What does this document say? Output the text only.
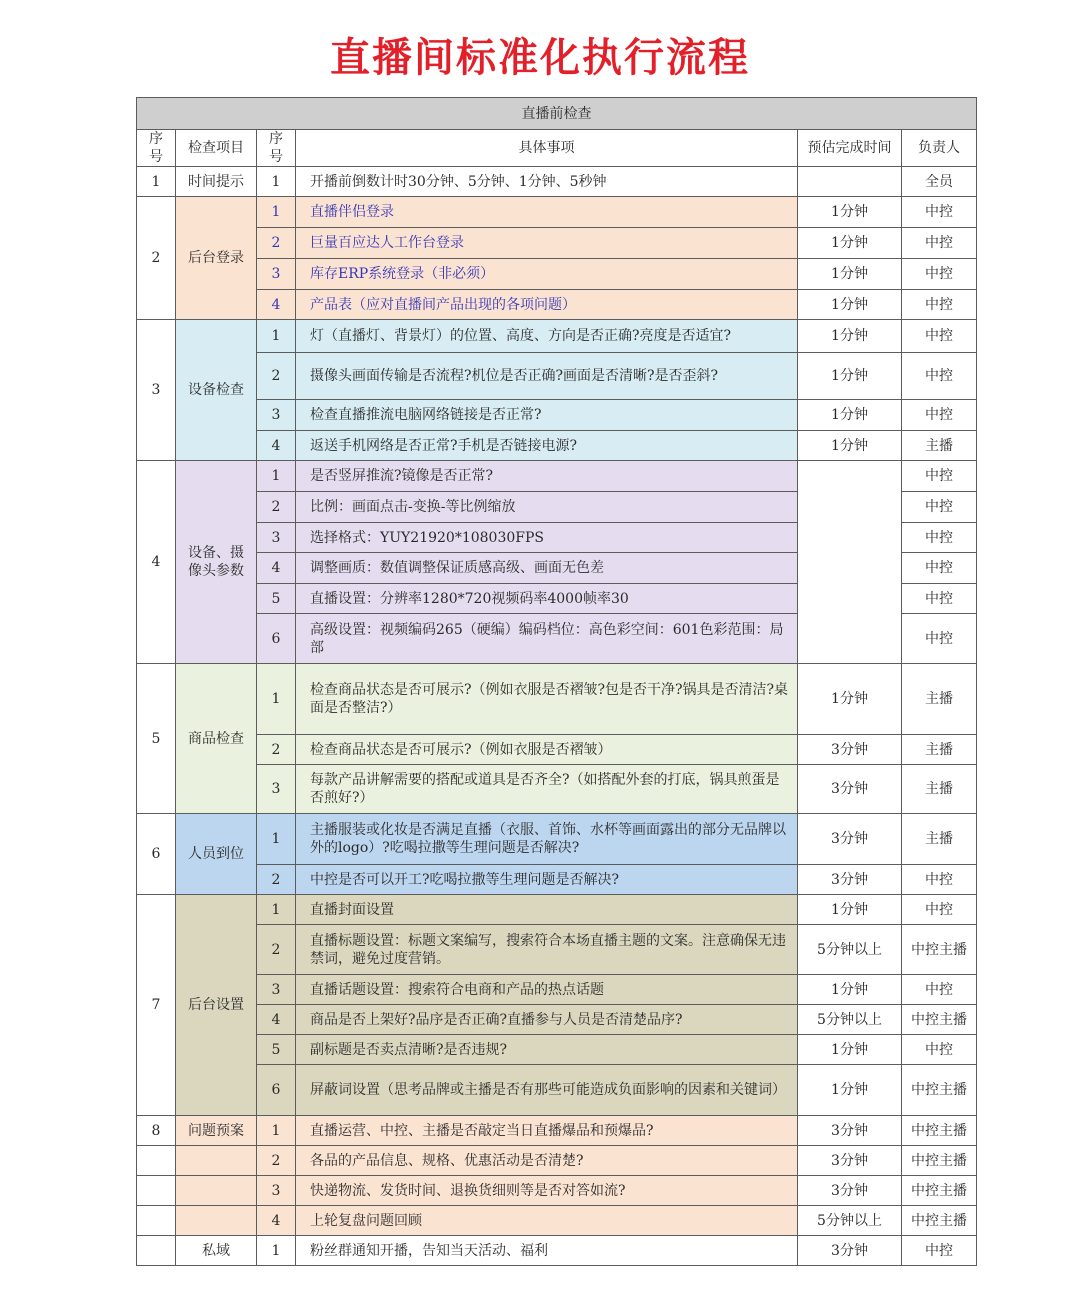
直播间标准化执行流程
直播前检查					
序号	检查项目	序号	具体事项	预估完成时间	负责人
1	时间提示	1	开播前倒数计时30分钟、5分钟、1分钟、5秒钟		全员
2	后台登录	1	直播伴侣登录	1分钟	中控
		2	巨量百应达人工作台登录	1分钟	中控
		3	库存ERP系统登录（非必须）	1分钟	中控
		4	产品表（应对直播间产品出现的各项问题）	1分钟	中控
3	设备检查	1	灯（直播灯、背景灯）的位置、高度、方向是否正确?亮度是否适宜?	1分钟	中控
		2	摄像头画面传输是否流程?机位是否正确?画面是否清晰?是否歪斜?	1分钟	中控
		3	检查直播推流电脑网络链接是否正常?	1分钟	中控
		4	返送手机网络是否正常?手机是否链接电源?	1分钟	主播
4	设备、摄像头参数	1	是否竖屏推流?镜像是否正常?		中控
		2	比例：画面点击-变换-等比例缩放		中控
		3	选择格式：YUY21920*108030FPS		中控
		4	调整画质：数值调整保证质感高级、画面无色差		中控
		5	直播设置：分辨率1280*720视频码率4000帧率30		中控
		6	高级设置：视频编码265（硬编）编码档位：高色彩空间：601色彩范围：局部		中控
5	商品检查	1	检查商品状态是否可展示?（例如衣服是否褶皱?包是否干净?锅具是否清洁?桌面是否整洁?）	1分钟	主播
		2	检查商品状态是否可展示?（例如衣服是否褶皱）	3分钟	主播
		3	每款产品讲解需要的搭配或道具是否齐全?（如搭配外套的打底，锅具煎蛋是否煎好?）	3分钟	主播
6	人员到位	1	主播服装或化妆是否满足直播（衣服、首饰、水杯等画面露出的部分无品牌以外的logo）?吃喝拉撒等生理问题是否解决?	3分钟	主播
		2	中控是否可以开工?吃喝拉撒等生理问题是否解决?	3分钟	中控
7	后台设置	1	直播封面设置	1分钟	中控
		2	直播标题设置：标题文案编写，搜索符合本场直播主题的文案。注意确保无违禁词，避免过度营销。	5分钟以上	中控主播
		3	直播话题设置：搜索符合电商和产品的热点话题	1分钟	中控
		4	商品是否上架好?品序是否正确?直播参与人员是否清楚品序?	5分钟以上	中控主播
		5	副标题是否卖点清晰?是否违规?	1分钟	中控
		6	屏蔽词设置（思考品牌或主播是否有那些可能造成负面影响的因素和关键词）	1分钟	中控主播
8	问题预案	1	直播运营、中控、主播是否敲定当日直播爆品和预爆品?	3分钟	中控主播
		2	各品的产品信息、规格、优惠活动是否清楚?	3分钟	中控主播
		3	快递物流、发货时间、退换货细则等是否对答如流?	3分钟	中控主播
		4	上轮复盘问题回顾	5分钟以上	中控主播
	私域	1	粉丝群通知开播，告知当天活动、福利	3分钟	中控
